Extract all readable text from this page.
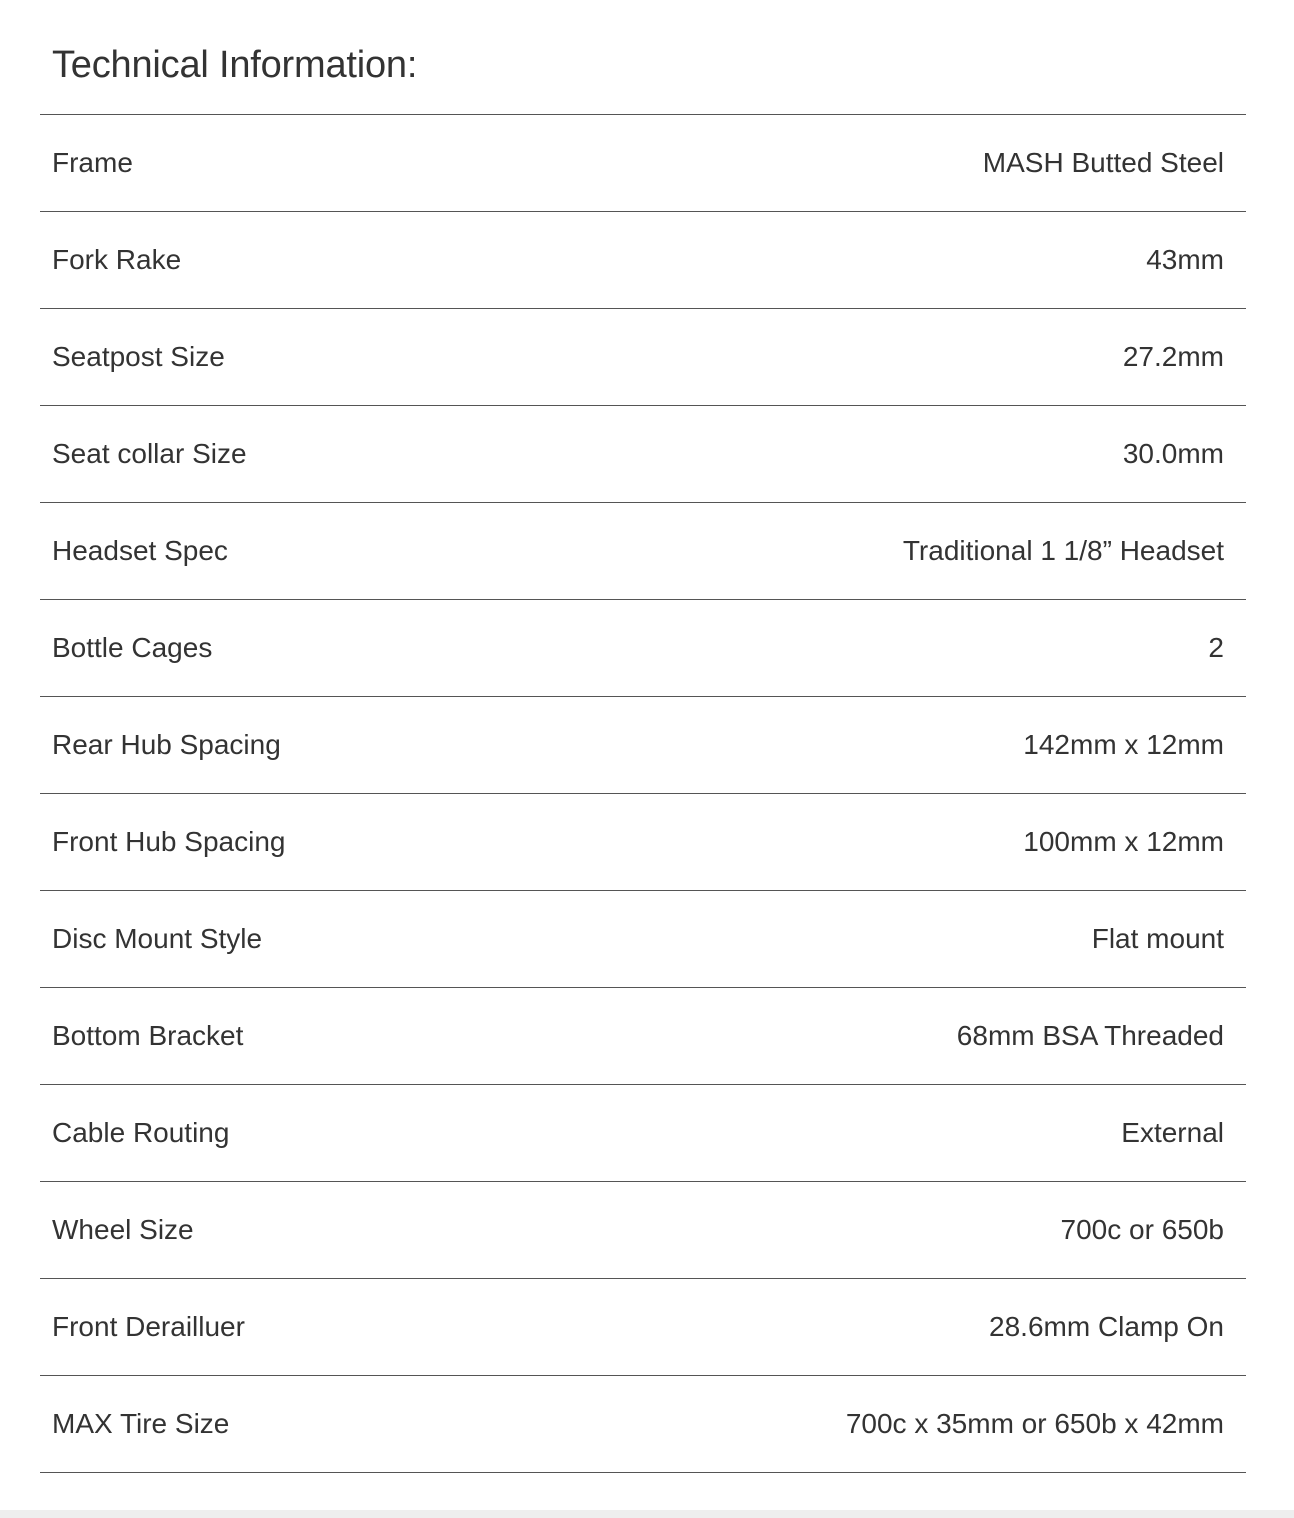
Technical Information:
Frame	MASH Butted Steel
Fork Rake	43mm
Seatpost Size	27.2mm
Seat collar Size	30.0mm
Headset Spec	Traditional 1 1/8” Headset
Bottle Cages	2
Rear Hub Spacing	142mm x 12mm
Front Hub Spacing	100mm x 12mm
Disc Mount Style	Flat mount
Bottom Bracket	68mm BSA Threaded
Cable Routing	External
Wheel Size	700c or 650b
Front Derailluer	28.6mm Clamp On
MAX Tire Size	700c x 35mm or 650b x 42mm
